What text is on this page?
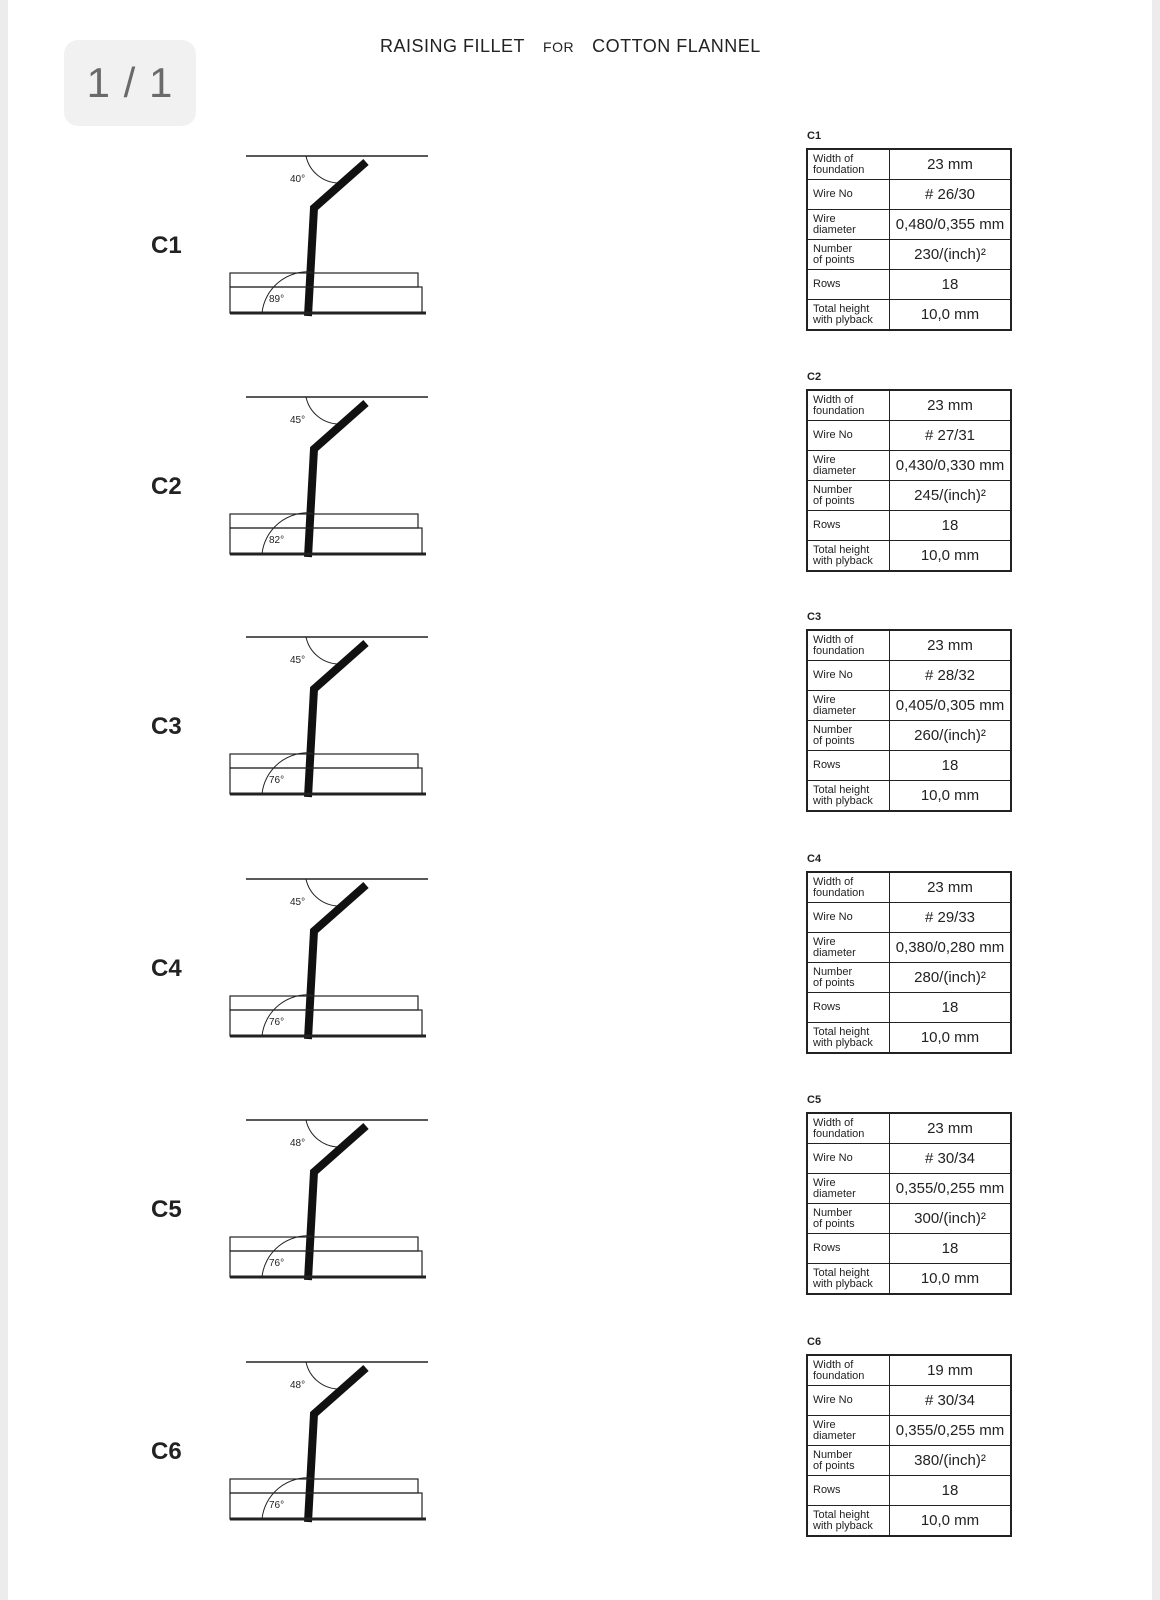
1 / 1
RAISING FILLET FOR COTTON FLANNEL
C1
40°
89°
C1
Width of
foundation	23 mm
Wire No	# 26/30
Wire
diameter	0,480/0,355 mm
Number
of points	230/(inch)²
Rows	18
Total height
with plyback	10,0 mm
C2
45°
82°
C2
Width of
foundation	23 mm
Wire No	# 27/31
Wire
diameter	0,430/0,330 mm
Number
of points	245/(inch)²
Rows	18
Total height
with plyback	10,0 mm
C3
45°
76°
C3
Width of
foundation	23 mm
Wire No	# 28/32
Wire
diameter	0,405/0,305 mm
Number
of points	260/(inch)²
Rows	18
Total height
with plyback	10,0 mm
C4
45°
76°
C4
Width of
foundation	23 mm
Wire No	# 29/33
Wire
diameter	0,380/0,280 mm
Number
of points	280/(inch)²
Rows	18
Total height
with plyback	10,0 mm
C5
48°
76°
C5
Width of
foundation	23 mm
Wire No	# 30/34
Wire
diameter	0,355/0,255 mm
Number
of points	300/(inch)²
Rows	18
Total height
with plyback	10,0 mm
C6
48°
76°
C6
Width of
foundation	19 mm
Wire No	# 30/34
Wire
diameter	0,355/0,255 mm
Number
of points	380/(inch)²
Rows	18
Total height
with plyback	10,0 mm
